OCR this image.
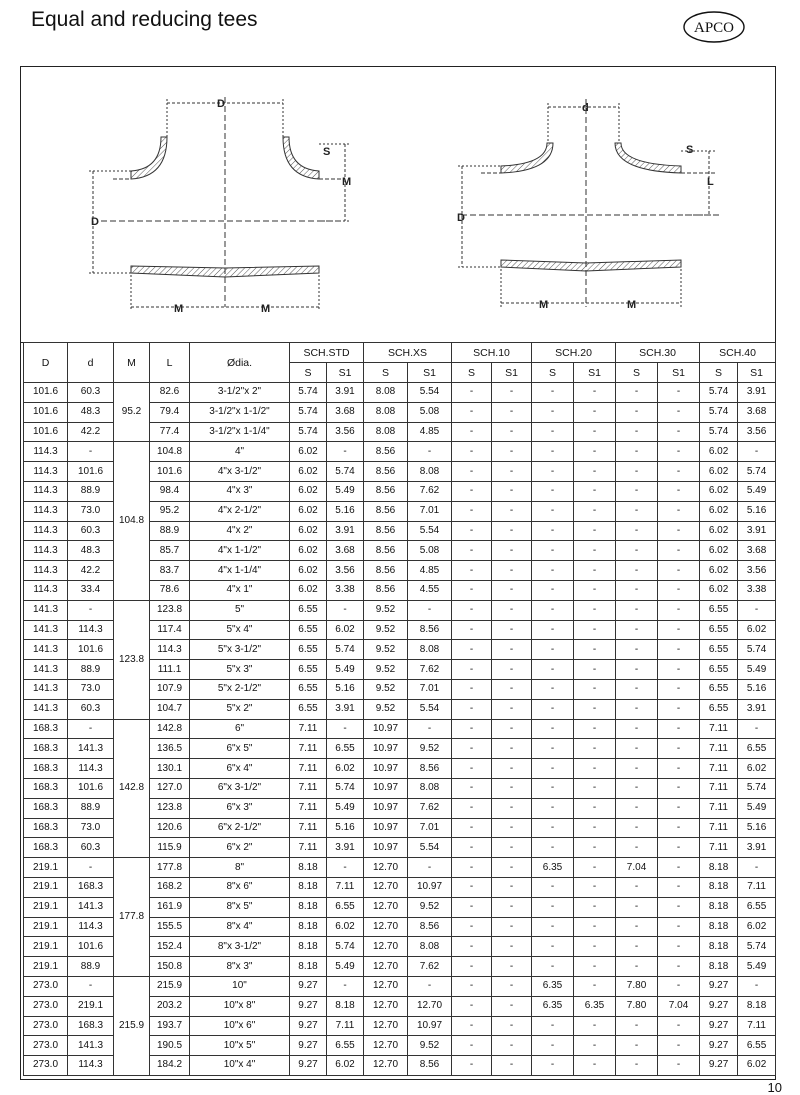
Equal and reducing tees	APCO
D
D
S
M
M	M
d
D
S
L
M	M
D	d	M	L	Ødia.	SCH.STD		SCH.XS		SCH.10		SCH.20		SCH.30		SCH.40	
					S	S1	S	S1	S	S1	S	S1	S	S1	S	S1
101.6	60.3	95.2	82.6	3-1/2"x 2"	5.74	3.91	8.08	5.54	-	-	-	-	-	-	5.74	3.91
101.6	48.3		79.4	3-1/2"x 1-1/2"	5.74	3.68	8.08	5.08	-	-	-	-	-	-	5.74	3.68
101.6	42.2		77.4	3-1/2"x 1-1/4"	5.74	3.56	8.08	4.85	-	-	-	-	-	-	5.74	3.56
114.3	-	104.8	104.8	4"	6.02	-	8.56	-	-	-	-	-	-	-	6.02	-
114.3	101.6		101.6	4"x 3-1/2"	6.02	5.74	8.56	8.08	-	-	-	-	-	-	6.02	5.74
114.3	88.9		98.4	4"x 3"	6.02	5.49	8.56	7.62	-	-	-	-	-	-	6.02	5.49
114.3	73.0		95.2	4"x 2-1/2"	6.02	5.16	8.56	7.01	-	-	-	-	-	-	6.02	5.16
114.3	60.3		88.9	4"x 2"	6.02	3.91	8.56	5.54	-	-	-	-	-	-	6.02	3.91
114.3	48.3		85.7	4"x 1-1/2"	6.02	3.68	8.56	5.08	-	-	-	-	-	-	6.02	3.68
114.3	42.2		83.7	4"x 1-1/4"	6.02	3.56	8.56	4.85	-	-	-	-	-	-	6.02	3.56
114.3	33.4		78.6	4"x 1"	6.02	3.38	8.56	4.55	-	-	-	-	-	-	6.02	3.38
141.3	-	123.8	123.8	5"	6.55	-	9.52	-	-	-	-	-	-	-	6.55	-
141.3	114.3		117.4	5"x 4"	6.55	6.02	9.52	8.56	-	-	-	-	-	-	6.55	6.02
141.3	101.6		114.3	5"x 3-1/2"	6.55	5.74	9.52	8.08	-	-	-	-	-	-	6.55	5.74
141.3	88.9		111.1	5"x 3"	6.55	5.49	9.52	7.62	-	-	-	-	-	-	6.55	5.49
141.3	73.0		107.9	5"x 2-1/2"	6.55	5.16	9.52	7.01	-	-	-	-	-	-	6.55	5.16
141.3	60.3		104.7	5"x 2"	6.55	3.91	9.52	5.54	-	-	-	-	-	-	6.55	3.91
168.3	-	142.8	142.8	6"	7.11	-	10.97	-	-	-	-	-	-	-	7.11	-
168.3	141.3		136.5	6"x 5"	7.11	6.55	10.97	9.52	-	-	-	-	-	-	7.11	6.55
168.3	114.3		130.1	6"x 4"	7.11	6.02	10.97	8.56	-	-	-	-	-	-	7.11	6.02
168.3	101.6		127.0	6"x 3-1/2"	7.11	5.74	10.97	8.08	-	-	-	-	-	-	7.11	5.74
168.3	88.9		123.8	6"x 3"	7.11	5.49	10.97	7.62	-	-	-	-	-	-	7.11	5.49
168.3	73.0		120.6	6"x 2-1/2"	7.11	5.16	10.97	7.01	-	-	-	-	-	-	7.11	5.16
168.3	60.3		115.9	6"x 2"	7.11	3.91	10.97	5.54	-	-	-	-	-	-	7.11	3.91
219.1	-	177.8	177.8	8"	8.18	-	12.70	-	-	-	6.35	-	7.04	-	8.18	-
219.1	168.3		168.2	8"x 6"	8.18	7.11	12.70	10.97	-	-	-	-	-	-	8.18	7.11
219.1	141.3		161.9	8"x 5"	8.18	6.55	12.70	9.52	-	-	-	-	-	-	8.18	6.55
219.1	114.3		155.5	8"x 4"	8.18	6.02	12.70	8.56	-	-	-	-	-	-	8.18	6.02
219.1	101.6		152.4	8"x 3-1/2"	8.18	5.74	12.70	8.08	-	-	-	-	-	-	8.18	5.74
219.1	88.9		150.8	8"x 3"	8.18	5.49	12.70	7.62	-	-	-	-	-	-	8.18	5.49
273.0	-	215.9	215.9	10"	9.27	-	12.70	-	-	-	6.35	-	7.80	-	9.27	-
273.0	219.1		203.2	10"x 8"	9.27	8.18	12.70	12.70	-	-	6.35	6.35	7.80	7.04	9.27	8.18
273.0	168.3		193.7	10"x 6"	9.27	7.11	12.70	10.97	-	-	-	-	-	-	9.27	7.11
273.0	141.3		190.5	10"x 5"	9.27	6.55	12.70	9.52	-	-	-	-	-	-	9.27	6.55
273.0	114.3		184.2	10"x 4"	9.27	6.02	12.70	8.56	-	-	-	-	-	-	9.27	6.02
10
